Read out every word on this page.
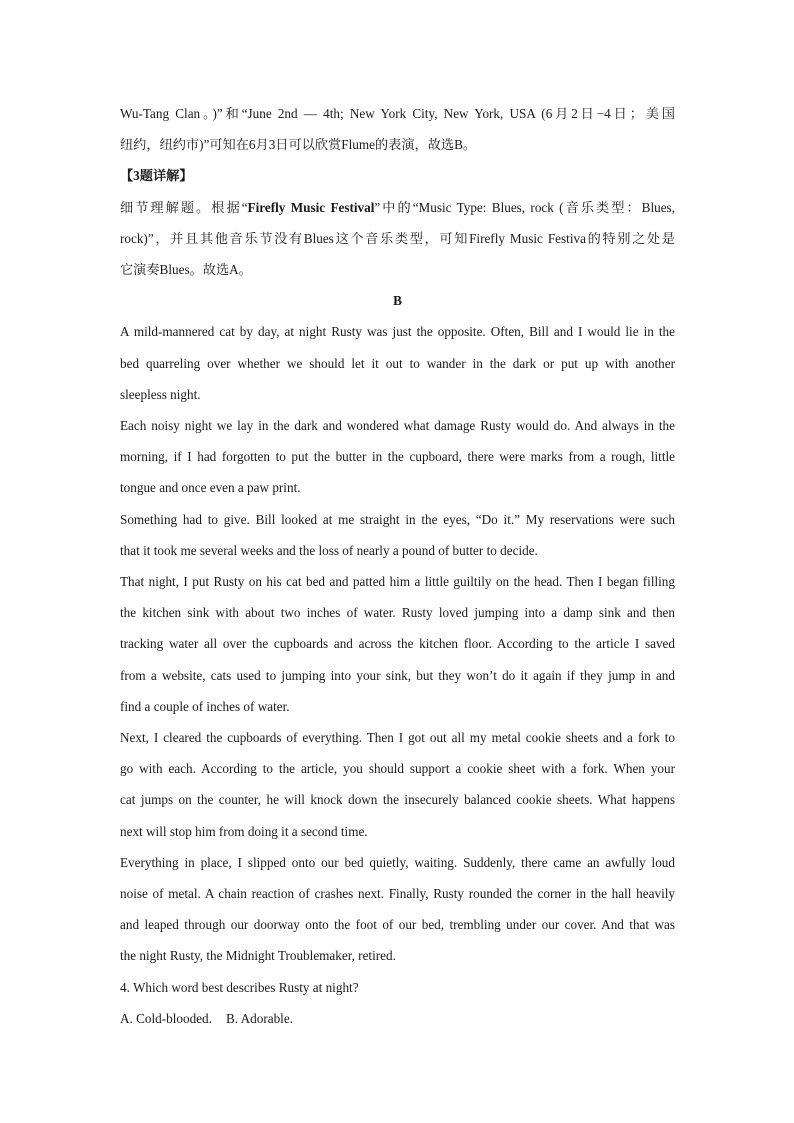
Wu-Tang Clan。)”和“June 2nd — 4th; New York City, New York, USA (6月2日−4日；美国
纽约，纽约市)”可知在6月3日可以欣赏Flume的表演，故选B。
【3题详解】
细节理解题。根据“Firefly Music Festival”中的“Music Type: Blues, rock (音乐类型：Blues,
rock)”，并且其他音乐节没有Blues这个音乐类型，可知Firefly Music Festiva的特别之处是
它演奏Blues。故选A。
B
A mild-mannered cat by day, at night Rusty was just the opposite. Often, Bill and I would lie in the
bed quarreling over whether we should let it out to wander in the dark or put up with another
sleepless night.
Each noisy night we lay in the dark and wondered what damage Rusty would do. And always in the
morning, if I had forgotten to put the butter in the cupboard, there were marks from a rough, little
tongue and once even a paw print.
Something had to give. Bill looked at me straight in the eyes, “Do it.” My reservations were such
that it took me several weeks and the loss of nearly a pound of butter to decide.
That night, I put Rusty on his cat bed and patted him a little guiltily on the head. Then I began filling
the kitchen sink with about two inches of water. Rusty loved jumping into a damp sink and then
tracking water all over the cupboards and across the kitchen floor. According to the article I saved
from a website, cats used to jumping into your sink, but they won’t do it again if they jump in and
find a couple of inches of water.
Next, I cleared the cupboards of everything. Then I got out all my metal cookie sheets and a fork to
go with each. According to the article, you should support a cookie sheet with a fork. When your
cat jumps on the counter, he will knock down the insecurely balanced cookie sheets. What happens
next will stop him from doing it a second time.
Everything in place, I slipped onto our bed quietly, waiting. Suddenly, there came an awfully loud
noise of metal. A chain reaction of crashes next. Finally, Rusty rounded the corner in the hall heavily
and leaped through our doorway onto the foot of our bed, trembling under our cover. And that was
the night Rusty, the Midnight Troublemaker, retired.
4. Which word best describes Rusty at night?
A. Cold-blooded. B. Adorable.
